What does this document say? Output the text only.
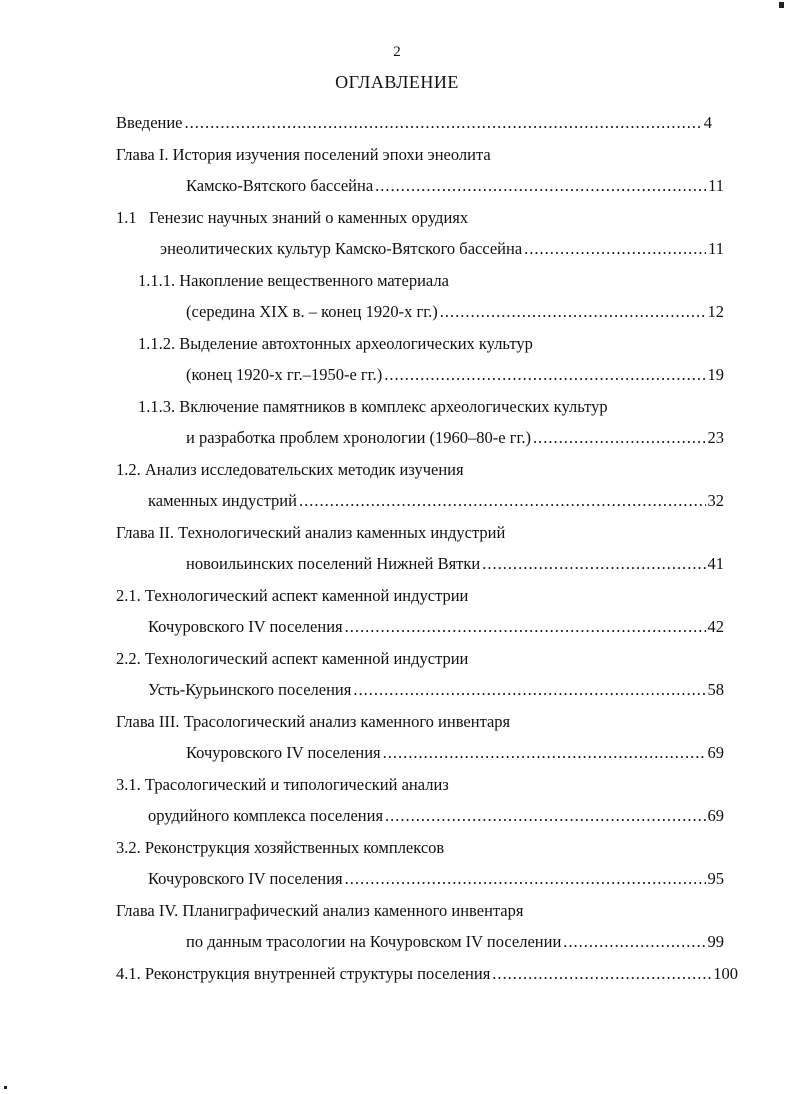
2
ОГЛАВЛЕНИЕ
Введение .....	4
Глава I. История изучения поселений эпохи энеолита
Камско-Вятского бассейна .....	11
1.1   Генезис научных знаний о каменных орудиях
энеолитических культур Камско-Вятского бассейна .....	11
1.1.1. Накопление вещественного материала
(середина XIX в. – конец 1920-х гг.) .....	12
1.1.2. Выделение автохтонных археологических культур
(конец 1920-х гг.–1950-е гг.) .....	19
1.1.3. Включение памятников в комплекс археологических культур
и разработка проблем хронологии (1960–80-е гг.) .....	23
1.2. Анализ исследовательских методик изучения
каменных индустрий .....	32
Глава II. Технологический анализ каменных индустрий
новоильинских поселений Нижней Вятки .....	41
2.1. Технологический аспект каменной индустрии
Кочуровского IV поселения .....	42
2.2. Технологический аспект каменной индустрии
Усть-Курьинского поселения .....	58
Глава III. Трасологический анализ каменного инвентаря
Кочуровского IV поселения .....	69
3.1. Трасологический и типологический анализ
орудийного комплекса поселения .....	69
3.2. Реконструкция хозяйственных комплексов
Кочуровского IV поселения .....	95
Глава IV. Планиграфический анализ каменного инвентаря
по данным трасологии на Кочуровском IV поселении .....	99
4.1. Реконструкция внутренней структуры поселения .....	100
